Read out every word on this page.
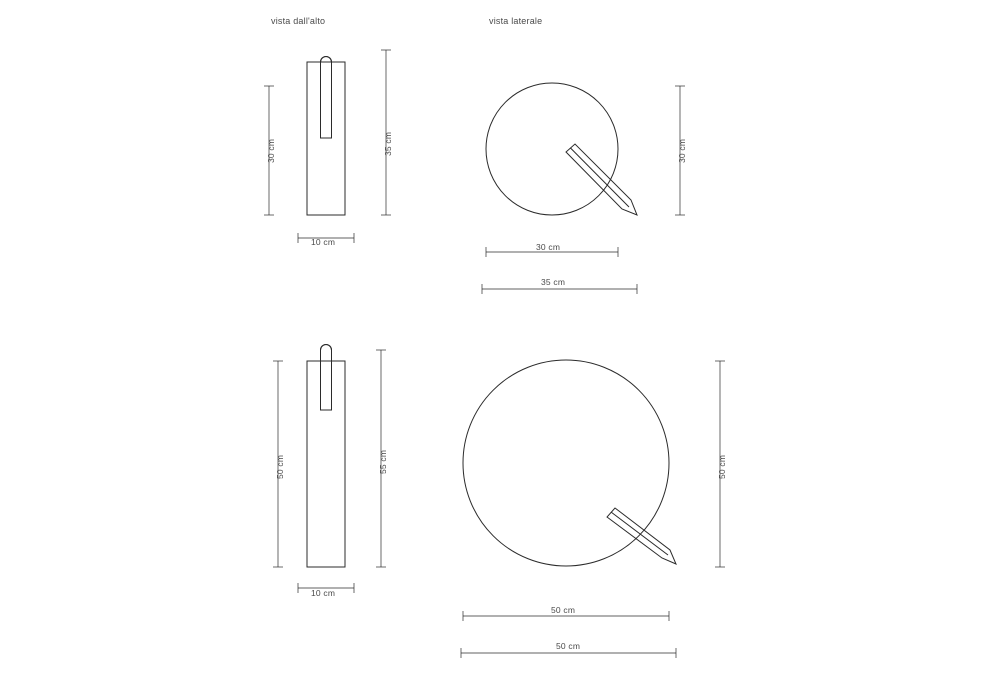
vista dall'alto	vista laterale
30 cm	35 cm
10 cm
30 cm
30 cm
35 cm
50 cm	55 cm
10 cm
50 cm
50 cm
50 cm
